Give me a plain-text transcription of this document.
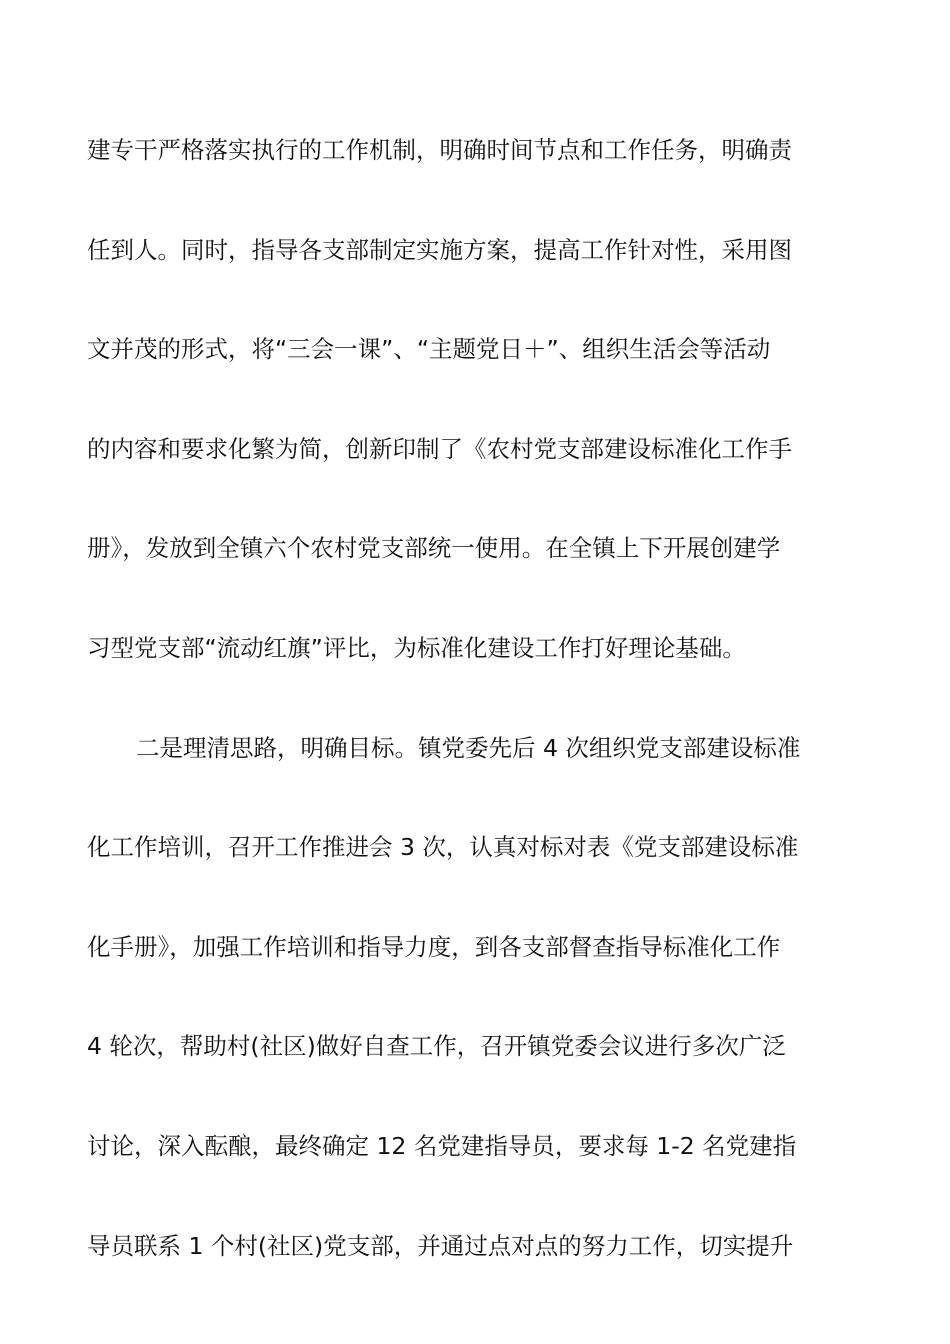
建专干严格落实执行的工作机制，明确时间节点和工作任务，明确责
任到人。同时，指导各支部制定实施方案，提高工作针对性，采用图
文并茂的形式，将“三会一课”、“主题党日＋”、组织生活会等活动
的内容和要求化繁为简，创新印制了《农村党支部建设标准化工作手
册》，发放到全镇六个农村党支部统一使用。在全镇上下开展创建学
习型党支部“流动红旗”评比，为标准化建设工作打好理论基础。
二是理清思路，明确目标。镇党委先后 4 次组织党支部建设标准
化工作培训，召开工作推进会 3 次，认真对标对表《党支部建设标准
化手册》，加强工作培训和指导力度，到各支部督查指导标准化工作
4 轮次，帮助村(社区)做好自查工作，召开镇党委会议进行多次广泛
讨论，深入酝酿，最终确定 12 名党建指导员，要求每 1-2 名党建指
导员联系 1 个村(社区)党支部，并通过点对点的努力工作，切实提升
